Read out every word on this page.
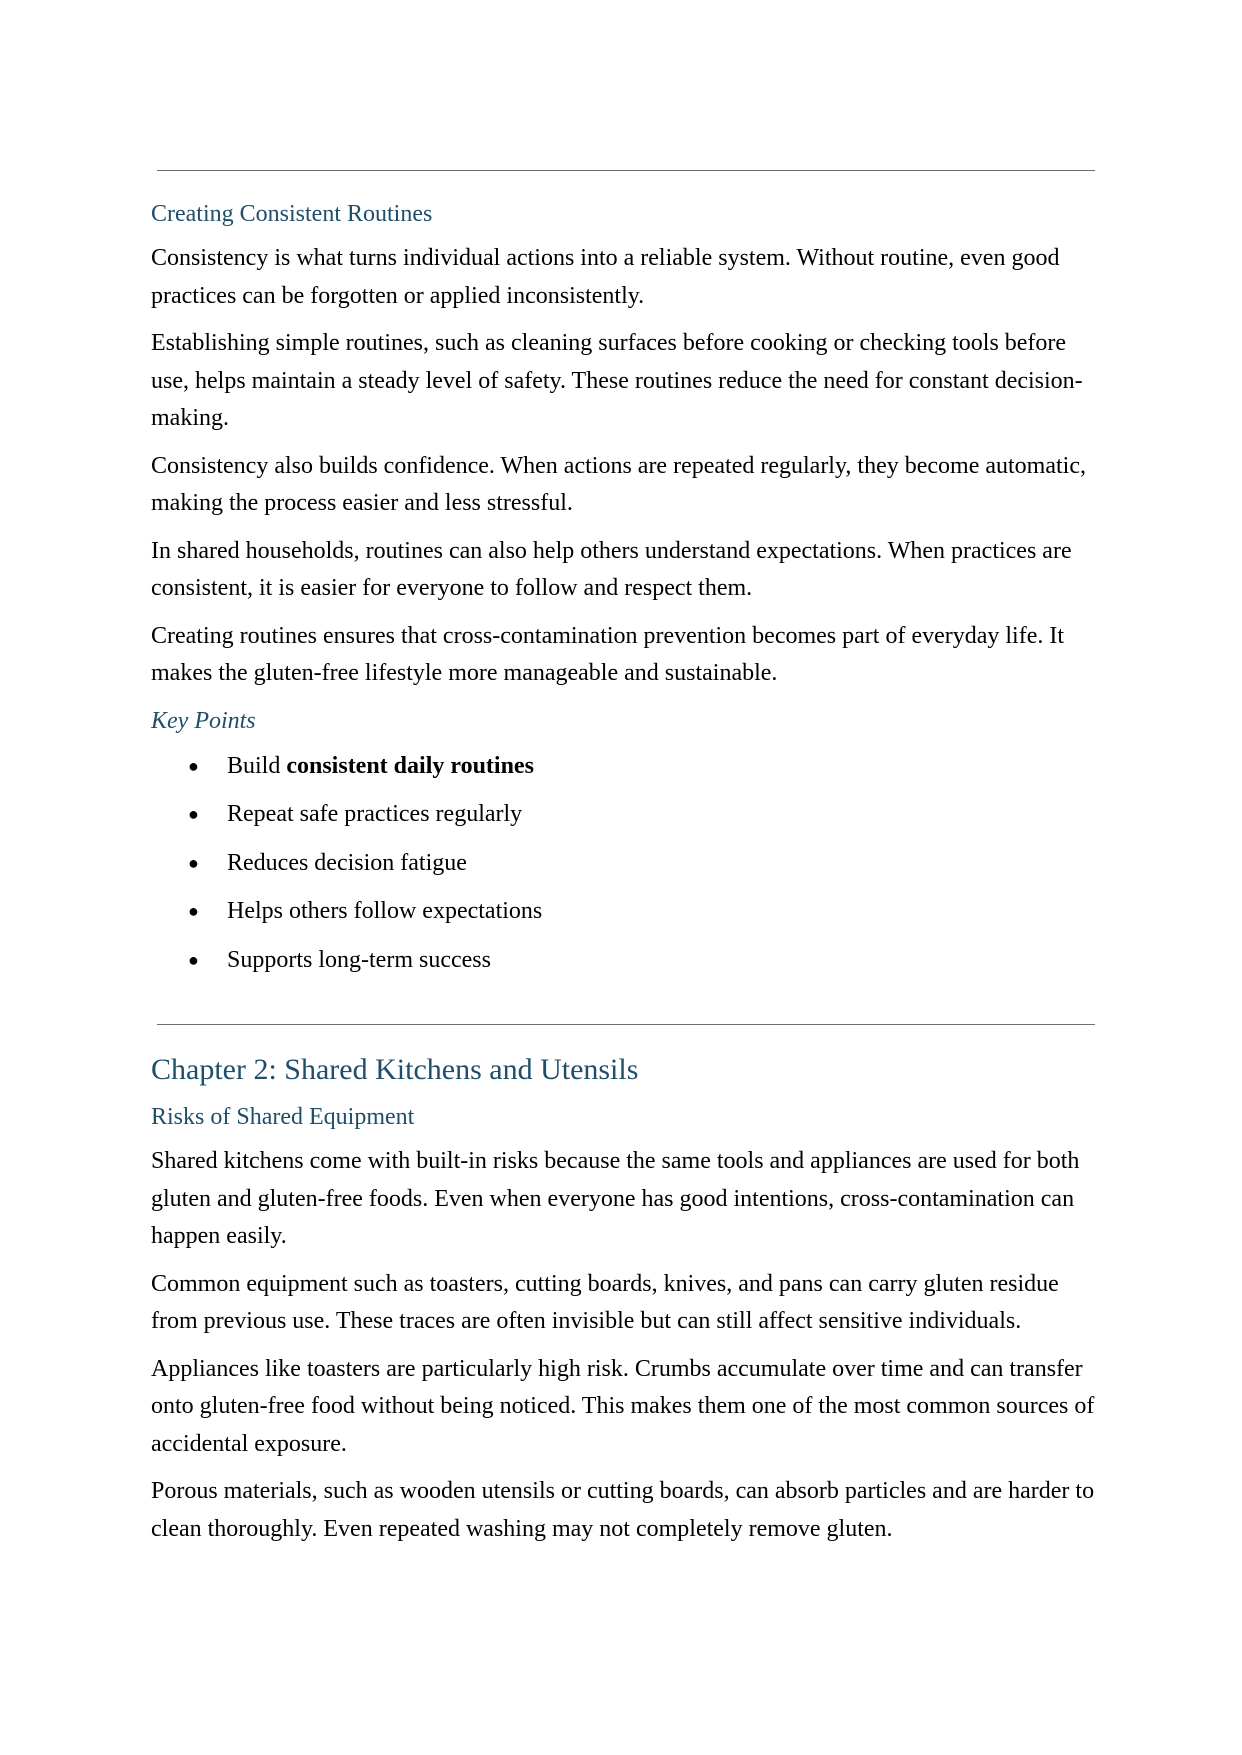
Creating Consistent Routines

Consistency is what turns individual actions into a reliable system. Without routine, even good practices can be forgotten or applied inconsistently.

Establishing simple routines, such as cleaning surfaces before cooking or checking tools before use, helps maintain a steady level of safety. These routines reduce the need for constant decision-making.

Consistency also builds confidence. When actions are repeated regularly, they become automatic, making the process easier and less stressful.

In shared households, routines can also help others understand expectations. When practices are consistent, it is easier for everyone to follow and respect them.

Creating routines ensures that cross-contamination prevention becomes part of everyday life. It makes the gluten-free lifestyle more manageable and sustainable.

Key Points
● Build consistent daily routines
● Repeat safe practices regularly
● Reduces decision fatigue
● Helps others follow expectations
● Supports long-term success
Chapter 2: Shared Kitchens and Utensils
Risks of Shared Equipment

Shared kitchens come with built-in risks because the same tools and appliances are used for both gluten and gluten-free foods. Even when everyone has good intentions, cross-contamination can happen easily.

Common equipment such as toasters, cutting boards, knives, and pans can carry gluten residue from previous use. These traces are often invisible but can still affect sensitive individuals.

Appliances like toasters are particularly high risk. Crumbs accumulate over time and can transfer onto gluten-free food without being noticed. This makes them one of the most common sources of accidental exposure.

Porous materials, such as wooden utensils or cutting boards, can absorb particles and are harder to clean thoroughly. Even repeated washing may not completely remove gluten.
